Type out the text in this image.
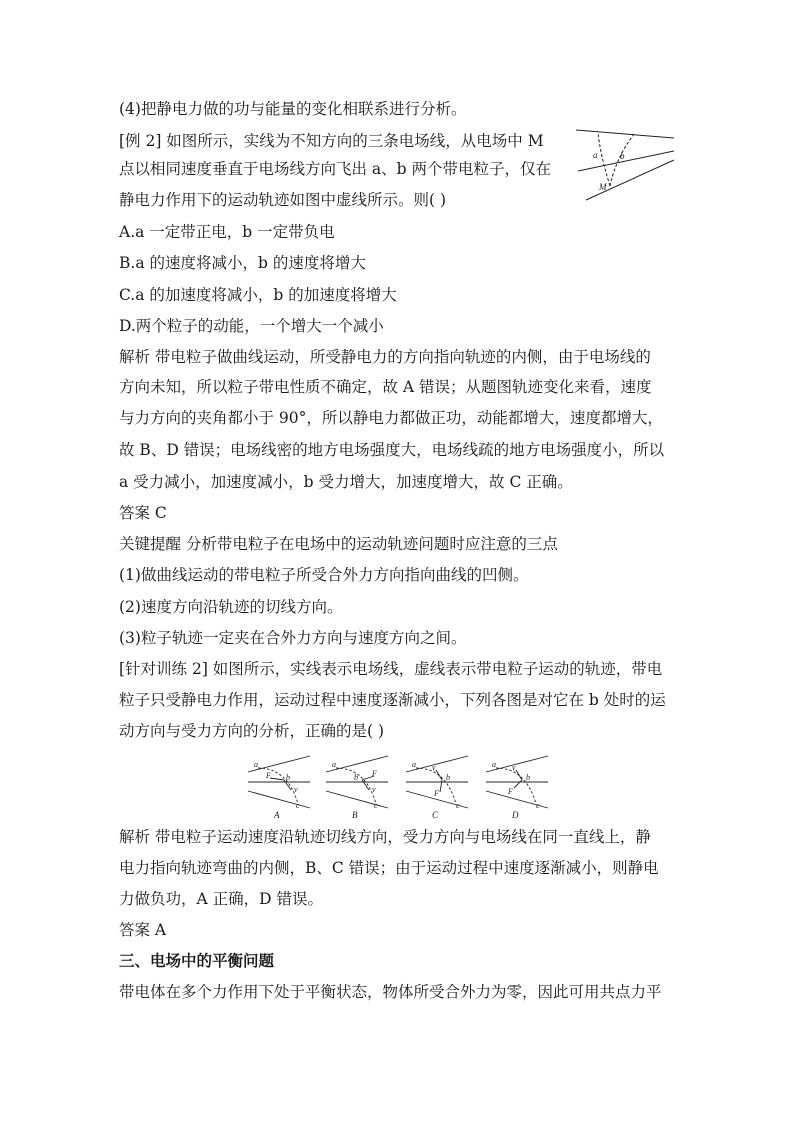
(4)把静电力做的功与能量的变化相联系进行分析。
[例 2] 如图所示，实线为不知方向的三条电场线，从电场中 M
点以相同速度垂直于电场线方向飞出 a、b 两个带电粒子，仅在
静电力作用下的运动轨迹如图中虚线所示。则( )
A.a 一定带正电，b 一定带负电
B.a 的速度将减小，b 的速度将增大
C.a 的加速度将减小，b 的加速度将增大
D.两个粒子的动能，一个增大一个减小
解析 带电粒子做曲线运动，所受静电力的方向指向轨迹的内侧，由于电场线的
方向未知，所以粒子带电性质不确定，故 A 错误；从题图轨迹变化来看，速度
与力方向的夹角都小于 90°，所以静电力都做正功，动能都增大，速度都增大，
故 B、D 错误；电场线密的地方电场强度大，电场线疏的地方电场强度小，所以
a 受力减小，加速度减小，b 受力增大，加速度增大，故 C 正确。
答案 C
关键提醒 分析带电粒子在电场中的运动轨迹问题时应注意的三点
(1)做曲线运动的带电粒子所受合外力方向指向曲线的凹侧。
(2)速度方向沿轨迹的切线方向。
(3)粒子轨迹一定夹在合外力方向与速度方向之间。
[针对训练 2] 如图所示，实线表示电场线，虚线表示带电粒子运动的轨迹，带电
粒子只受静电力作用，运动过程中速度逐渐减小，下列各图是对它在 b 处时的运
动方向与受力方向的分析，正确的是( )
解析 带电粒子运动速度沿轨迹切线方向，受力方向与电场线在同一直线上，静
电力指向轨迹弯曲的内侧，B、C 错误；由于运动过程中速度逐渐减小，则静电
力做负功，A 正确，D 错误。
答案 A
三、电场中的平衡问题
带电体在多个力作用下处于平衡状态，物体所受合外力为零，因此可用共点力平
a	b
M
a
F b
v
c
A
a
b F
v
c
B
a v
b
F
c
C
a v
b
F
c
D
